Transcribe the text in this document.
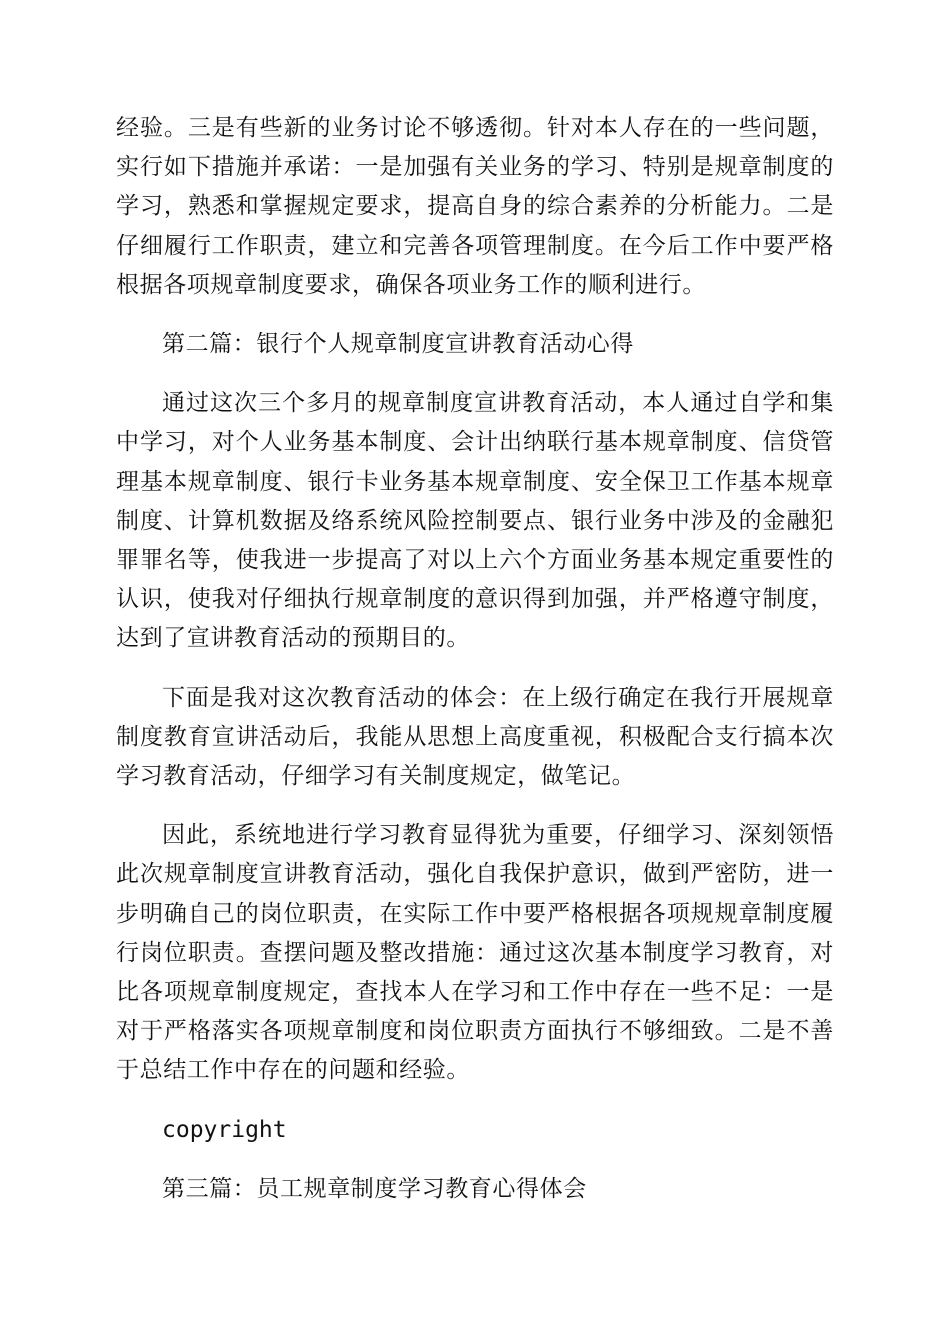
经验。三是有些新的业务讨论不够透彻。针对本人存在的一些问题，实行如下措施并承诺：一是加强有关业务的学习、特别是规章制度的学习，熟悉和掌握规定要求，提高自身的综合素养的分析能力。二是仔细履行工作职责，建立和完善各项管理制度。在今后工作中要严格根据各项规章制度要求，确保各项业务工作的顺利进行。

第二篇：银行个人规章制度宣讲教育活动心得

通过这次三个多月的规章制度宣讲教育活动，本人通过自学和集中学习，对个人业务基本制度、会计出纳联行基本规章制度、信贷管理基本规章制度、银行卡业务基本规章制度、安全保卫工作基本规章制度、计算机数据及络系统风险控制要点、银行业务中涉及的金融犯罪罪名等，使我进一步提高了对以上六个方面业务基本规定重要性的认识，使我对仔细执行规章制度的意识得到加强，并严格遵守制度，达到了宣讲教育活动的预期目的。

下面是我对这次教育活动的体会：在上级行确定在我行开展规章制度教育宣讲活动后，我能从思想上高度重视，积极配合支行搞本次学习教育活动，仔细学习有关制度规定，做笔记。

因此，系统地进行学习教育显得犹为重要，仔细学习、深刻领悟此次规章制度宣讲教育活动，强化自我保护意识，做到严密防，进一步明确自己的岗位职责，在实际工作中要严格根据各项规规章制度履行岗位职责。查摆问题及整改措施：通过这次基本制度学习教育，对比各项规章制度规定，查找本人在学习和工作中存在一些不足：一是对于严格落实各项规章制度和岗位职责方面执行不够细致。二是不善于总结工作中存在的问题和经验。

copyright

第三篇：员工规章制度学习教育心得体会
